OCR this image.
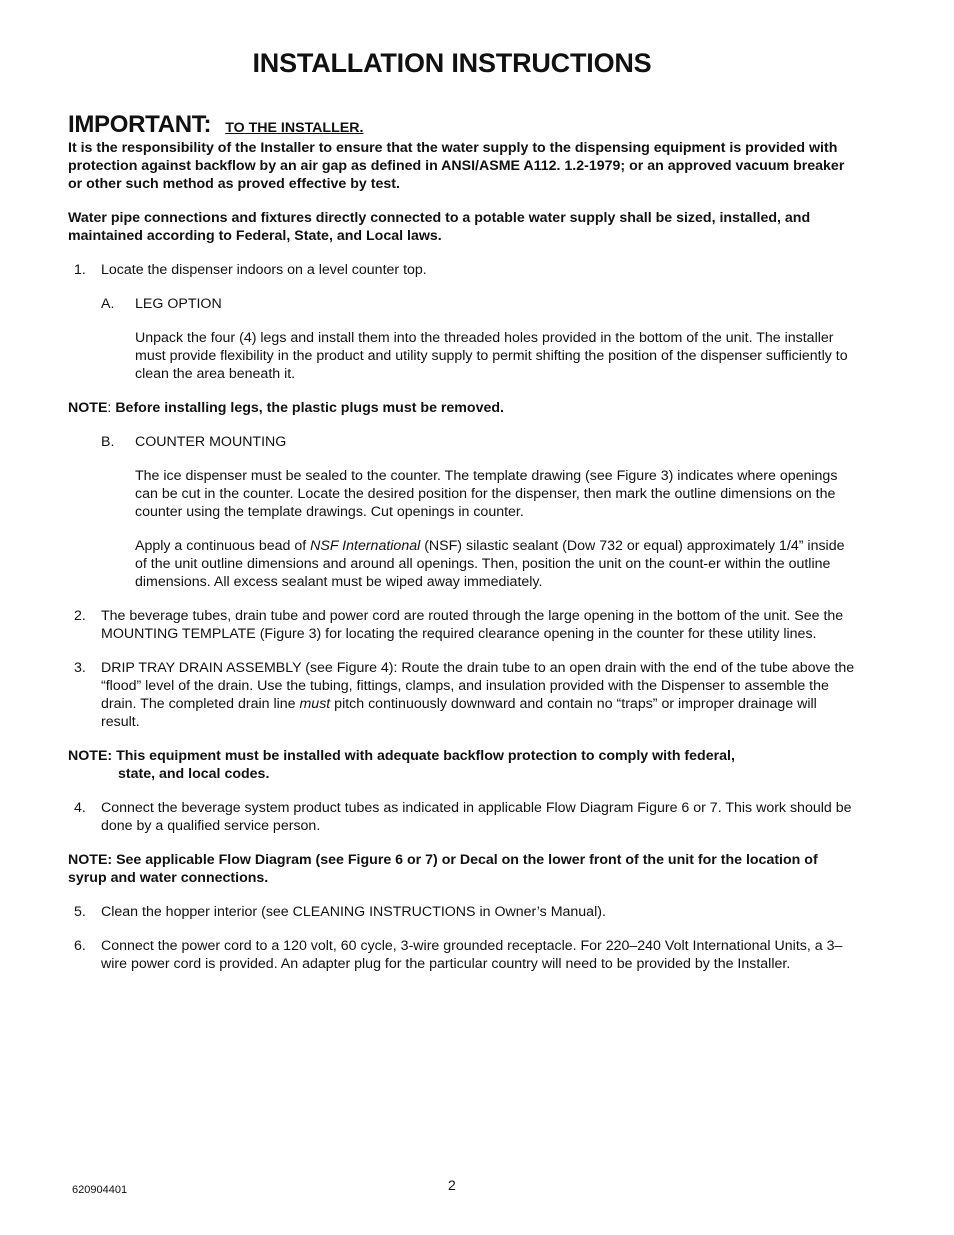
INSTALLATION INSTRUCTIONS
IMPORTANT: TO THE INSTALLER.

It is the responsibility of the Installer to ensure that the water supply to the dispensing equipment is provided with protection against backflow by an air gap as defined in ANSI/ASME A112. 1.2-1979; or an approved vacuum breaker or other such method as proved effective by test.

Water pipe connections and fixtures directly connected to a potable water supply shall be sized, installed, and maintained according to Federal, State, and Local laws.

1. Locate the dispenser indoors on a level counter top.
A. LEG OPTION

Unpack the four (4) legs and install them into the threaded holes provided in the bottom of the unit. The installer must provide flexibility in the product and utility supply to permit shifting the position of the dispenser sufficiently to clean the area beneath it.

NOTE: Before installing legs, the plastic plugs must be removed.

B. COUNTER MOUNTING

The ice dispenser must be sealed to the counter. The template drawing (see Figure 3) indicates where openings can be cut in the counter. Locate the desired position for the dispenser, then mark the outline dimensions on the counter using the template drawings. Cut openings in counter.

Apply a continuous bead of NSF International (NSF) silastic sealant (Dow 732 or equal) approximately 1/4” inside of the unit outline dimensions and around all openings. Then, position the unit on the count-er within the outline dimensions. All excess sealant must be wiped away immediately.

2. The beverage tubes, drain tube and power cord are routed through the large opening in the bottom of the unit. See the MOUNTING TEMPLATE (Figure 3) for locating the required clearance opening in the counter for these utility lines.
3. DRIP TRAY DRAIN ASSEMBLY (see Figure 4): Route the drain tube to an open drain with the end of the tube above the “flood” level of the drain. Use the tubing, fittings, clamps, and insulation provided with the Dispenser to assemble the drain. The completed drain line must pitch continuously downward and contain no “traps” or improper drainage will result.

NOTE: This equipment must be installed with adequate backflow protection to comply with federal,
state, and local codes.

4. Connect the beverage system product tubes as indicated in applicable Flow Diagram Figure 6 or 7. This work should be done by a qualified service person.

NOTE: See applicable Flow Diagram (see Figure 6 or 7) or Decal on the lower front of the unit for the location of syrup and water connections.

5. Clean the hopper interior (see CLEANING INSTRUCTIONS in Owner’s Manual).
6. Connect the power cord to a 120 volt, 60 cycle, 3-wire grounded receptacle. For 220–240 Volt International Units, a 3–wire power cord is provided. An adapter plug for the particular country will need to be provided by the Installer.
620904401	2
